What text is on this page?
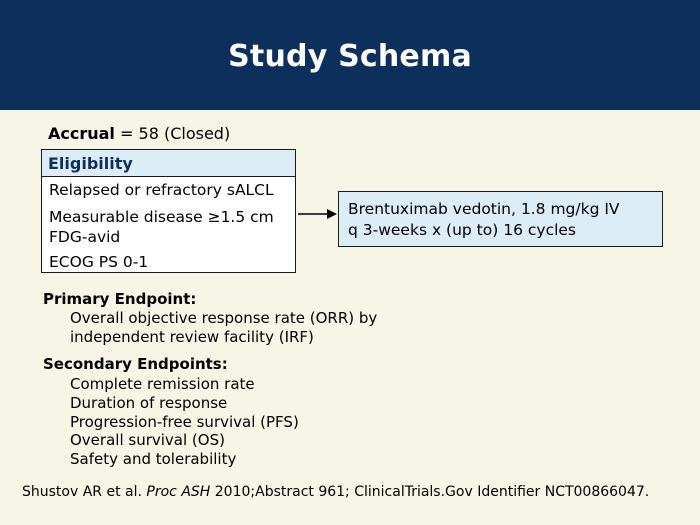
Study Schema
Accrual = 58 (Closed)
Eligibility
Relapsed or refractory sALCL
Measurable disease ≥1.5 cm
FDG-avid
ECOG PS 0-1
Brentuximab vedotin, 1.8 mg/kg IV
q 3-weeks x (up to) 16 cycles
Primary Endpoint:
Overall objective response rate (ORR) by
independent review facility (IRF)
Secondary Endpoints:
Complete remission rate
Duration of response
Progression-free survival (PFS)
Overall survival (OS)
Safety and tolerability
Shustov AR et al. Proc ASH 2010;Abstract 961; ClinicalTrials.Gov Identifier NCT00866047.
